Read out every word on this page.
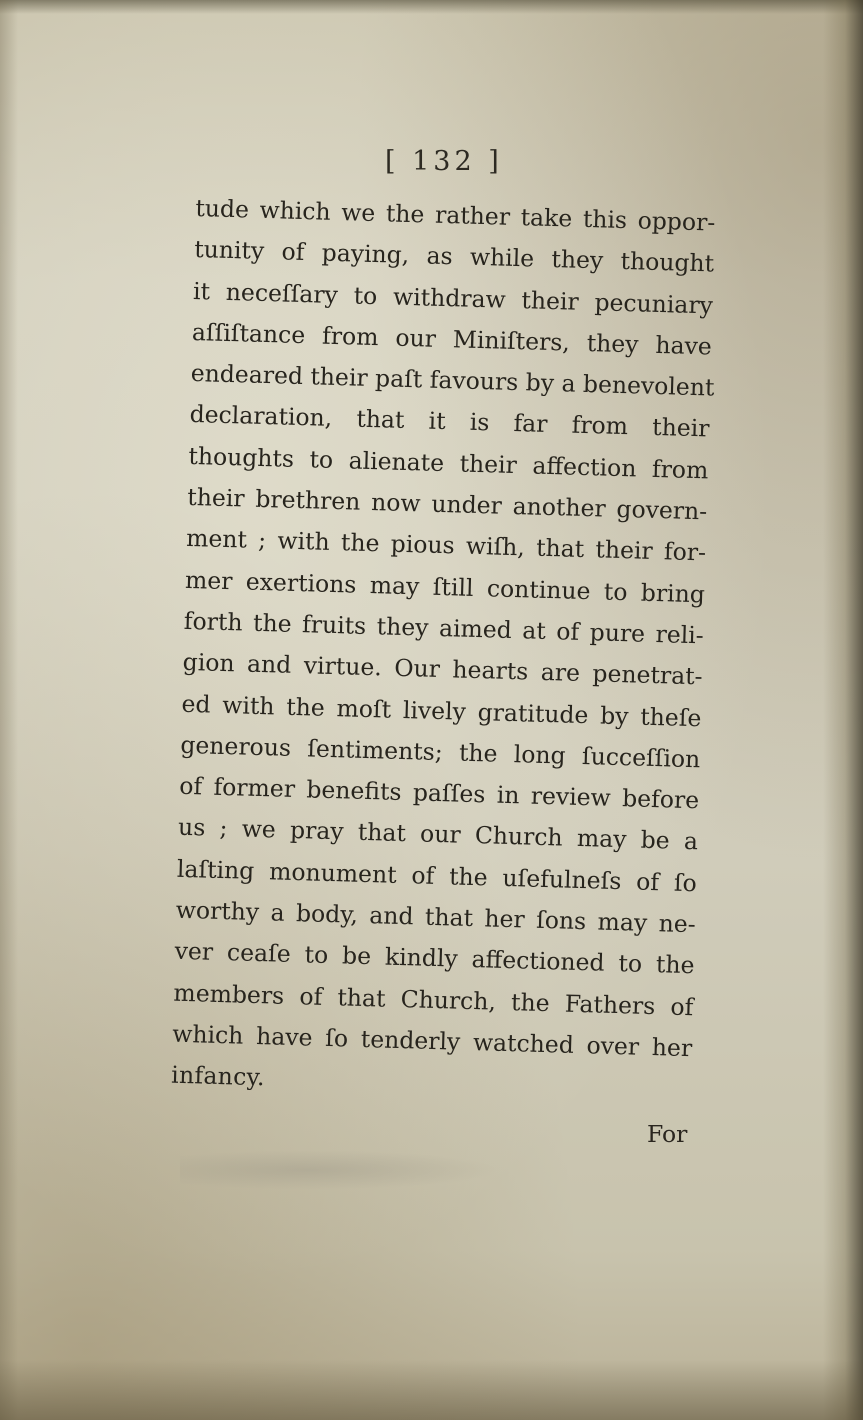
[ 132 ]
tude which we the rather take this oppor-
tunity of paying, as while they thought
it neceſſary to withdraw their pecuniary
aſſiſtance from our Miniſters, they have
endeared their paſt favours by a benevolent
declaration, that it is far from their
thoughts to alienate their affection from
their brethren now under another govern-
ment ; with the pious wiſh, that their for-
mer exertions may ſtill continue to bring
forth the fruits they aimed at of pure reli-
gion and virtue. Our hearts are penetrat-
ed with the moſt lively gratitude by theſe
generous ſentiments; the long ſucceſſion
of former benefits paſſes in review before
us ; we pray that our Church may be a
laſting monument of the uſefulneſs of ſo
worthy a body, and that her ſons may ne-
ver ceaſe to be kindly affectioned to the
members of that Church, the Fathers of
which have ſo tenderly watched over her
infancy.
For
